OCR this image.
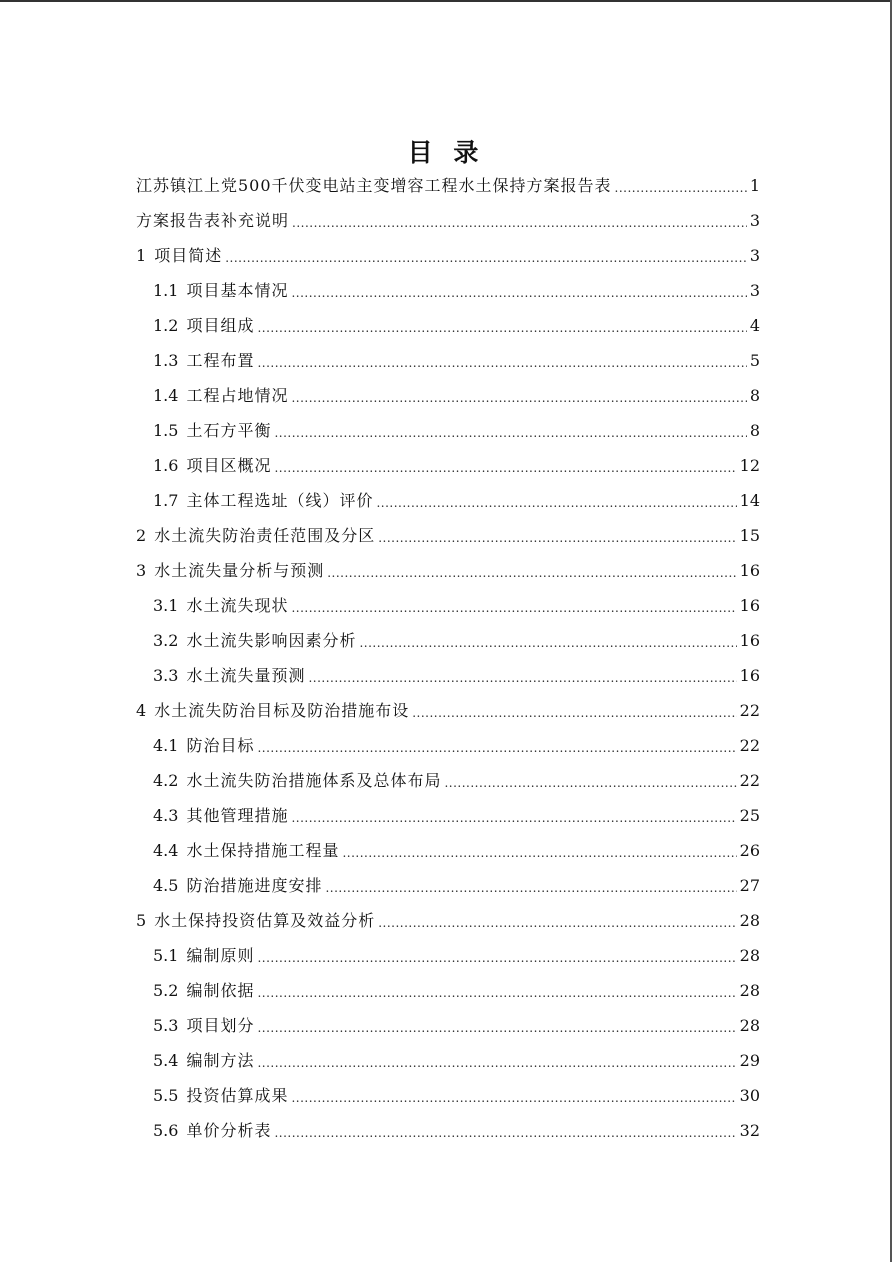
目 录
江苏镇江上党500千伏变电站主变增容工程水土保持方案报告表 .....	1
方案报告表补充说明 .....	3
1 项目简述 .....	3
1.1 项目基本情况 .....	3
1.2 项目组成 .....	4
1.3 工程布置 .....	5
1.4 工程占地情况 .....	8
1.5 土石方平衡 .....	8
1.6 项目区概况 .....	12
1.7 主体工程选址（线）评价 .....	14
2 水土流失防治责任范围及分区 .....	15
3 水土流失量分析与预测 .....	16
3.1 水土流失现状 .....	16
3.2 水土流失影响因素分析 .....	16
3.3 水土流失量预测 .....	16
4 水土流失防治目标及防治措施布设 .....	22
4.1 防治目标 .....	22
4.2 水土流失防治措施体系及总体布局 .....	22
4.3 其他管理措施 .....	25
4.4 水土保持措施工程量 .....	26
4.5 防治措施进度安排 .....	27
5 水土保持投资估算及效益分析 .....	28
5.1 编制原则 .....	28
5.2 编制依据 .....	28
5.3 项目划分 .....	28
5.4 编制方法 .....	29
5.5 投资估算成果 .....	30
5.6 单价分析表 .....	32
